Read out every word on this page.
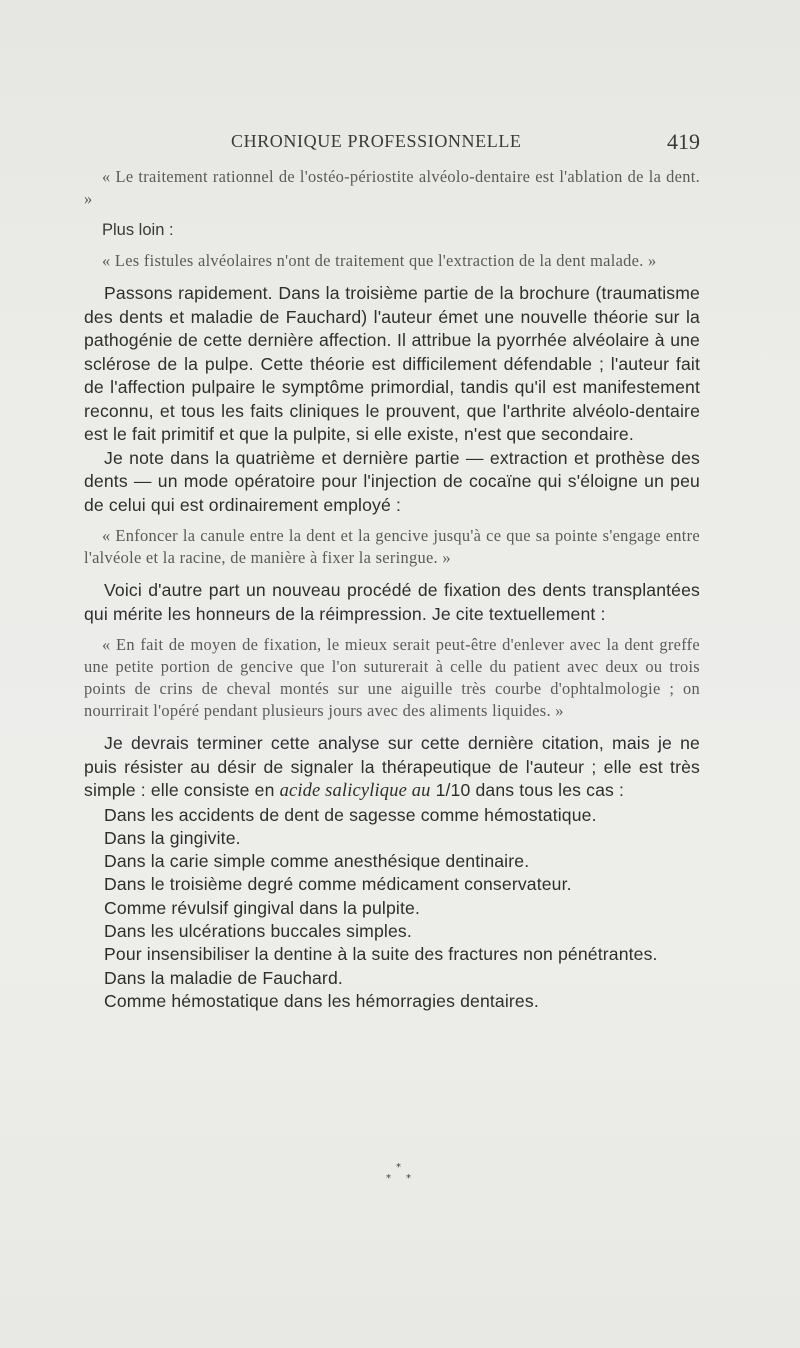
CHRONIQUE PROFESSIONNELLE	419

« Le traitement rationnel de l'ostéo-périostite alvéolo-dentaire est l'ablation de la dent. »

Plus loin :

« Les fistules alvéolaires n'ont de traitement que l'extraction de la dent malade. »

Passons rapidement. Dans la troisième partie de la brochure (traumatisme des dents et maladie de Fauchard) l'auteur émet une nouvelle théorie sur la pathogénie de cette dernière affection. Il attribue la pyorrhée alvéolaire à une sclérose de la pulpe. Cette théorie est difficilement défendable ; l'auteur fait de l'affection pulpaire le symptôme primordial, tandis qu'il est manifestement reconnu, et tous les faits cliniques le prouvent, que l'arthrite alvéolo-dentaire est le fait primitif et que la pulpite, si elle existe, n'est que secondaire.

Je note dans la quatrième et dernière partie — extraction et prothèse des dents — un mode opératoire pour l'injection de cocaïne qui s'éloigne un peu de celui qui est ordinairement employé :

« Enfoncer la canule entre la dent et la gencive jusqu'à ce que sa pointe s'engage entre l'alvéole et la racine, de manière à fixer la seringue. »

Voici d'autre part un nouveau procédé de fixation des dents transplantées qui mérite les honneurs de la réimpression. Je cite textuellement :

« En fait de moyen de fixation, le mieux serait peut-être d'enlever avec la dent greffe une petite portion de gencive que l'on suturerait à celle du patient avec deux ou trois points de crins de cheval montés sur une aiguille très courbe d'ophtalmologie ; on nourrirait l'opéré pendant plusieurs jours avec des aliments liquides. »

Je devrais terminer cette analyse sur cette dernière citation, mais je ne puis résister au désir de signaler la thérapeutique de l'auteur ; elle est très simple : elle consiste en acide salicylique au 1/10 dans tous les cas :

Dans les accidents de dent de sagesse comme hémostatique.

Dans la gingivite.

Dans la carie simple comme anesthésique dentinaire.

Dans le troisième degré comme médicament conservateur.

Comme révulsif gingival dans la pulpite.

Dans les ulcérations buccales simples.

Pour insensibiliser la dentine à la suite des fractures non pénétrantes.

Dans la maladie de Fauchard.

Comme hémostatique dans les hémorragies dentaires.

*
* *
